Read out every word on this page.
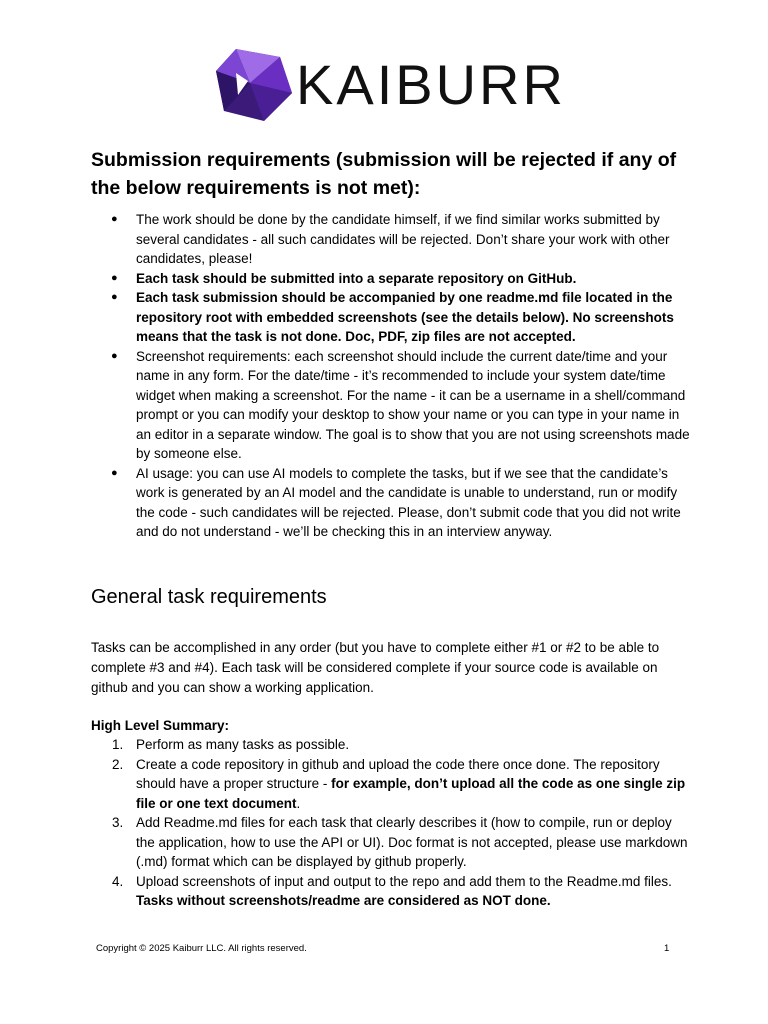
KAIBURR
Submission requirements (submission will be rejected if any of the below requirements is not met):
● The work should be done by the candidate himself, if we find similar works submitted by several candidates - all such candidates will be rejected. Don’t share your work with other candidates, please!
● Each task should be submitted into a separate repository on GitHub.
● Each task submission should be accompanied by one readme.md file located in the repository root with embedded screenshots (see the details below). No screenshots means that the task is not done. Doc, PDF, zip files are not accepted.
● Screenshot requirements: each screenshot should include the current date/time and your name in any form. For the date/time - it’s recommended to include your system date/time widget when making a screenshot. For the name - it can be a username in a shell/command prompt or you can modify your desktop to show your name or you can type in your name in an editor in a separate window. The goal is to show that you are not using screenshots made by someone else.
● AI usage: you can use AI models to complete the tasks, but if we see that the candidate’s work is generated by an AI model and the candidate is unable to understand, run or modify the code - such candidates will be rejected. Please, don’t submit code that you did not write and do not understand - we’ll be checking this in an interview anyway.
General task requirements

Tasks can be accomplished in any order (but you have to complete either #1 or #2 to be able to complete #3 and #4). Each task will be considered complete if your source code is available on github and you can show a working application.

High Level Summary:
1. Perform as many tasks as possible.
2. Create a code repository in github and upload the code there once done. The repository should have a proper structure - for example, don’t upload all the code as one single zip file or one text document.
3. Add Readme.md files for each task that clearly describes it (how to compile, run or deploy the application, how to use the API or UI). Doc format is not accepted, please use markdown (.md) format which can be displayed by github properly.
4. Upload screenshots of input and output to the repo and add them to the Readme.md files. Tasks without screenshots/readme are considered as NOT done.
Copyright © 2025 Kaiburr LLC. All rights reserved.	1
